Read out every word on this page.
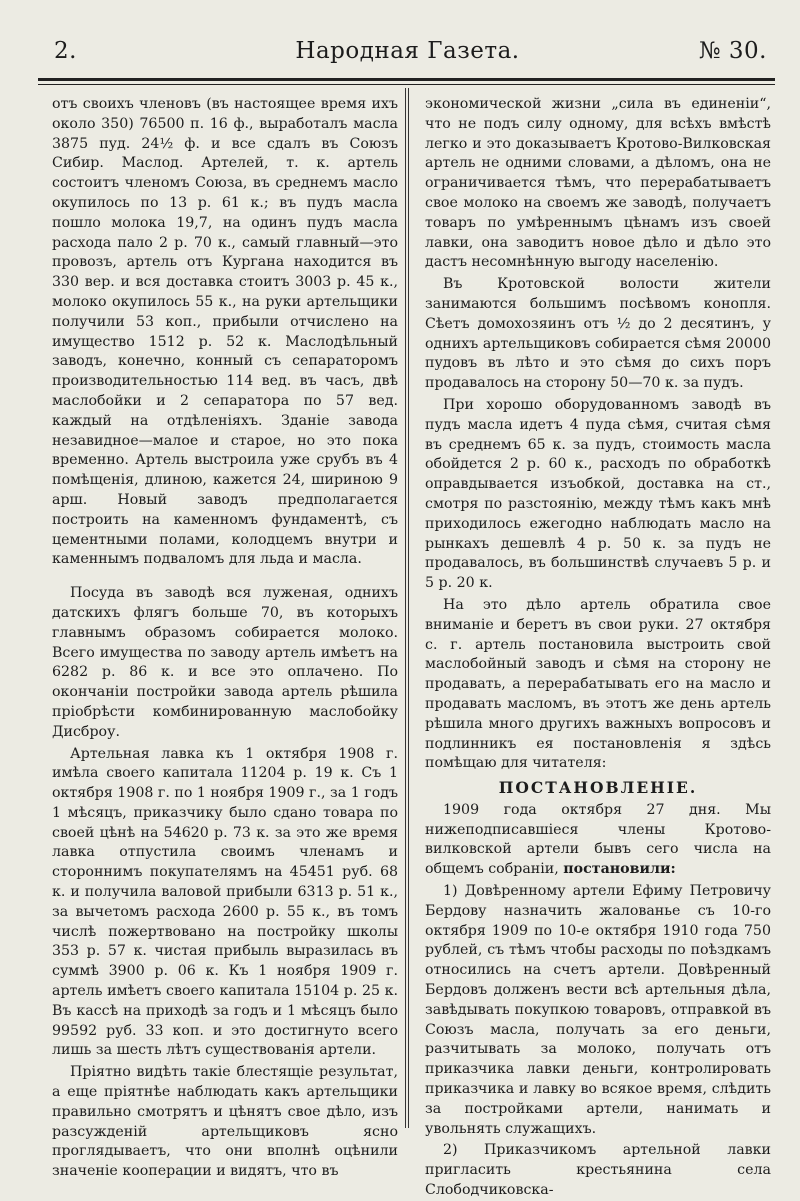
2.	Народная Газета.	№ 30.

отъ своихъ членовъ (въ настоящее время ихъ около 350) 76500 п. 16 ф., выработалъ масла 3875 пуд. 24½ ф. и все сдалъ въ Союзъ Сибир. Маслод. Артелей, т. к. артель состоитъ членомъ Союза, въ среднемъ масло окупилось по 13 р. 61 к.; въ пудъ масла пошло молока 19,7, на одинъ пудъ масла расхода пало 2 р. 70 к., самый главный—это провозъ, артель отъ Кургана находится въ 330 вер. и вся доставка стоитъ 3003 р. 45 к., молоко окупилось 55 к., на руки артельщики получили 53 коп., прибыли отчислено на имущество 1512 р. 52 к. Маслодѣльный заводъ, конечно, конный съ сепараторомъ производительностью 114 вед. въ часъ, двѣ маслобойки и 2 сепаратора по 57 вед. каждый на отдѣленіяхъ. Зданіе завода незавидное—малое и старое, но это пока временно. Артель выстроила уже срубъ въ 4 помѣщенія, длиною, кажется 24, шириною 9 арш. Новый заводъ предполагается построить на каменномъ фундаментѣ, съ цементными полами, колодцемъ внутри и каменнымъ подваломъ для льда и масла.

Посуда въ заводѣ вся луженая, однихъ датскихъ флягъ больше 70, въ которыхъ главнымъ образомъ собирается молоко. Всего имущества по заводу артель имѣетъ на 6282 р. 86 к. и все это оплачено. По окончаніи постройки завода артель рѣшила пріобрѣсти комбинированную маслобойку Дисброу.

Артельная лавка къ 1 октября 1908 г. имѣла своего капитала 11204 р. 19 к. Съ 1 октября 1908 г. по 1 ноября 1909 г., за 1 годъ 1 мѣсяцъ, приказчику было сдано товара по своей цѣнѣ на 54620 р. 73 к. за это же время лавка отпустила своимъ членамъ и стороннимъ покупателямъ на 45451 руб. 68 к. и получила валовой прибыли 6313 р. 51 к., за вычетомъ расхода 2600 р. 55 к., въ томъ числѣ пожертвовано на постройку школы 353 р. 57 к. чистая прибыль выразилась въ суммѣ 3900 р. 06 к. Къ 1 ноября 1909 г. артель имѣетъ своего капитала 15104 р. 25 к. Въ кассѣ на приходѣ за годъ и 1 мѣсяцъ было 99592 руб. 33 коп. и это достигнуто всего лишь за шесть лѣтъ существованія артели.

Пріятно видѣть такіе блестящіе результат, а еще пріятнѣе наблюдать какъ артельщики правильно смотрятъ и цѣнятъ свое дѣло, изъ разсужденій артельщиковъ ясно проглядываетъ, что они вполнѣ оцѣнили значеніе кооперации и видятъ, что въ

экономической жизни „сила въ единеніи“, что не подъ силу одному, для всѣхъ вмѣстѣ легко и это доказываетъ Кротово-Вилковская артель не одними словами, а дѣломъ, она не ограничивается тѣмъ, что перерабатываетъ свое молоко на своемъ же заводѣ, получаетъ товаръ по умѣреннымъ цѣнамъ изъ своей лавки, она заводитъ новое дѣло и дѣло это дастъ несомнѣнную выгоду населенію.

Въ Кротовской волости жители занимаются большимъ посѣвомъ конопля. Сѣетъ домохозяинъ отъ ½ до 2 десятинъ, у однихъ артельщиковъ собирается сѣмя 20000 пудовъ въ лѣто и это сѣмя до сихъ поръ продавалось на сторону 50—70 к. за пудъ.

При хорошо оборудованномъ заводѣ въ пудъ масла идетъ 4 пуда сѣмя, считая сѣмя въ среднемъ 65 к. за пудъ, стоимость масла обойдется 2 р. 60 к., расходъ по обработкѣ оправдывается изъобкой, доставка на ст., смотря по разстоянію, между тѣмъ какъ мнѣ приходилось ежегодно наблюдать масло на рынкахъ дешевлѣ 4 р. 50 к. за пудъ не продавалось, въ большинствѣ случаевъ 5 р. и 5 р. 20 к.

На это дѣло артель обратила свое вниманіе и беретъ въ свои руки. 27 октября с. г. артель постановила выстроить свой маслобойный заводъ и сѣмя на сторону не продавать, а перерабатывать его на масло и продавать масломъ, въ этотъ же день артель рѣшила много другихъ важныхъ вопросовъ и подлинникъ ея постановленія я здѣсь помѣщаю для читателя:

ПОСТАНОВЛЕНІЕ.

1909 года октября 27 дня. Мы нижеподписавшіеся члены Кротово-вилковской артели бывъ сего числа на общемъ собраніи, постановили:

1) Довѣренному артели Ефиму Петровичу Бердову назначить жалованье съ 10-го октября 1909 по 10-е октября 1910 года 750 рублей, съ тѣмъ чтобы расходы по поѣздкамъ относились на счетъ артели. Довѣренный Бердовъ долженъ вести всѣ артельныя дѣла, завѣдывать покупкою товаровъ, отправкой въ Союзъ масла, получать за его деньги, разчитывать за молоко, получать отъ приказчика лавки деньги, контролировать приказчика и лавку во всякое время, слѣдить за постройками артели, нанимать и увольнять служащихъ.

2) Приказчикомъ артельной лавки пригласить крестьянина села Слободчиковска-
